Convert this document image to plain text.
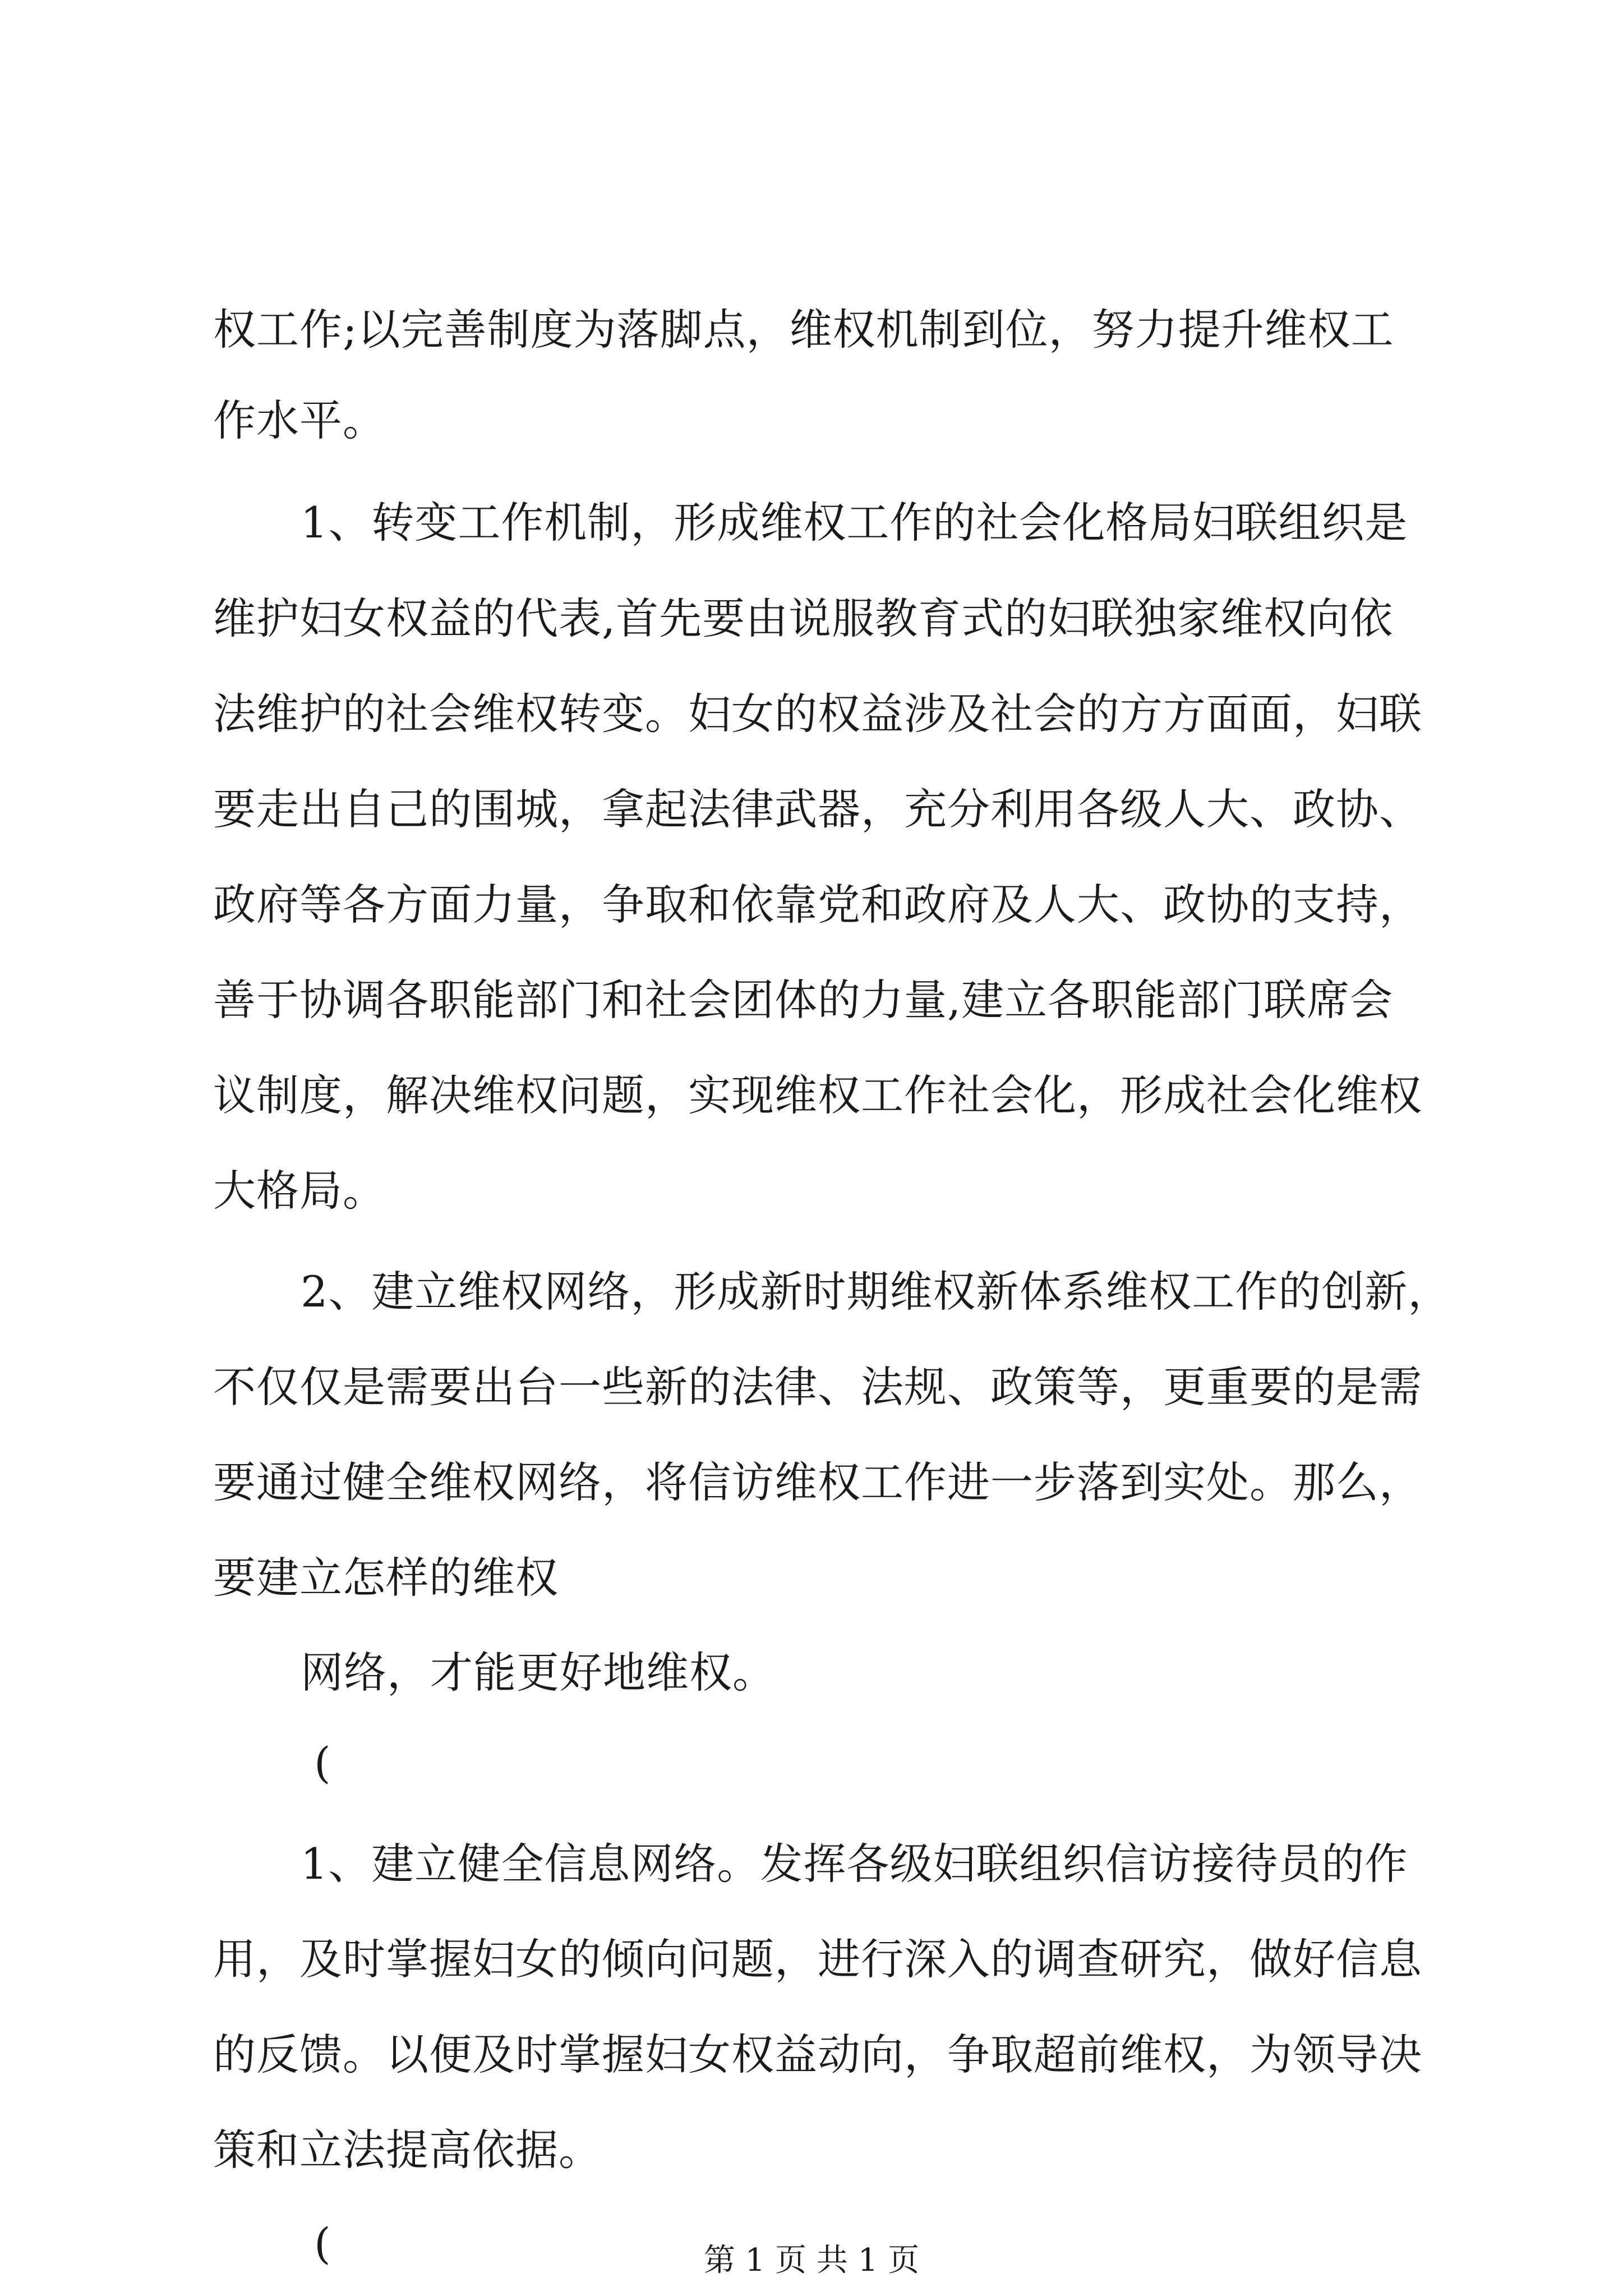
权工作;以完善制度为落脚点，维权机制到位，努力提升维权工
作水平。
1、转变工作机制，形成维权工作的社会化格局妇联组织是
维护妇女权益的代表,首先要由说服教育式的妇联独家维权向依
法维护的社会维权转变。妇女的权益涉及社会的方方面面，妇联
要走出自己的围城，拿起法律武器，充分利用各级人大、政协、
政府等各方面力量，争取和依靠党和政府及人大、政协的支持，
善于协调各职能部门和社会团体的力量,建立各职能部门联席会
议制度，解决维权问题，实现维权工作社会化，形成社会化维权
大格局。
2、建立维权网络，形成新时期维权新体系维权工作的创新，
不仅仅是需要出台一些新的法律、法规、政策等，更重要的是需
要通过健全维权网络，将信访维权工作进一步落到实处。那么，
要建立怎样的维权
网络，才能更好地维权。
(
1、建立健全信息网络。发挥各级妇联组织信访接待员的作
用，及时掌握妇女的倾向问题，进行深入的调查研究，做好信息
的反馈。以便及时掌握妇女权益动向，争取超前维权，为领导决
策和立法提高依据。
(	第 1 页 共 1 页
